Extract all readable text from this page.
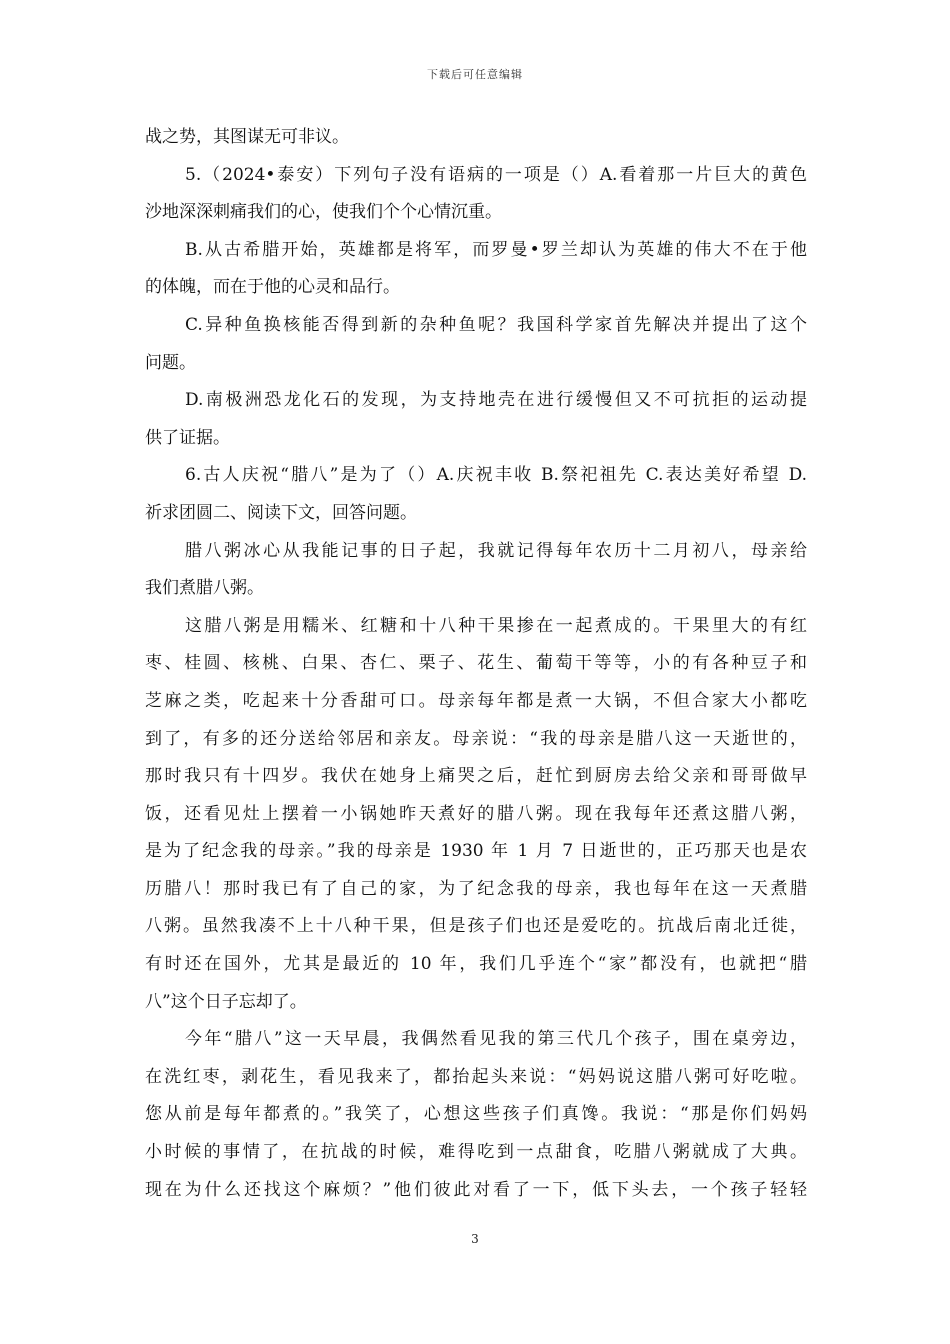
下载后可任意编辑
战之势，其图谋无可非议。
5.（2024•泰安）下列句子没有语病的一项是（）A.看着那一片巨大的黄色
沙地深深刺痛我们的心，使我们个个心情沉重。
B.从古希腊开始，英雄都是将军，而罗曼•罗兰却认为英雄的伟大不在于他
的体魄，而在于他的心灵和品行。
C.异种鱼换核能否得到新的杂种鱼呢？我国科学家首先解决并提出了这个
问题。
D.南极洲恐龙化石的发现，为支持地壳在进行缓慢但又不可抗拒的运动提
供了证据。
6.古人庆祝“腊八”是为了（）A.庆祝丰收 B.祭祀祖先 C.表达美好希望 D.
祈求团圆二、阅读下文，回答问题。
腊八粥冰心从我能记事的日子起，我就记得每年农历十二月初八，母亲给
我们煮腊八粥。
这腊八粥是用糯米、红糖和十八种干果掺在一起煮成的。干果里大的有红
枣、桂圆、核桃、白果、杏仁、栗子、花生、葡萄干等等，小的有各种豆子和
芝麻之类，吃起来十分香甜可口。母亲每年都是煮一大锅，不但合家大小都吃
到了，有多的还分送给邻居和亲友。母亲说：“我的母亲是腊八这一天逝世的，
那时我只有十四岁。我伏在她身上痛哭之后，赶忙到厨房去给父亲和哥哥做早
饭，还看见灶上摆着一小锅她昨天煮好的腊八粥。现在我每年还煮这腊八粥，
是为了纪念我的母亲。”我的母亲是 1930 年 1 月 7 日逝世的，正巧那天也是农
历腊八！那时我已有了自己的家，为了纪念我的母亲，我也每年在这一天煮腊
八粥。虽然我凑不上十八种干果，但是孩子们也还是爱吃的。抗战后南北迁徙，
有时还在国外，尤其是最近的 10 年，我们几乎连个“家”都没有，也就把“腊
八”这个日子忘却了。
今年“腊八”这一天早晨，我偶然看见我的第三代几个孩子，围在桌旁边，
在洗红枣，剥花生，看见我来了，都抬起头来说：“妈妈说这腊八粥可好吃啦。
您从前是每年都煮的。”我笑了，心想这些孩子们真馋。我说：“那是你们妈妈
小时候的事情了，在抗战的时候，难得吃到一点甜食，吃腊八粥就成了大典。
现在为什么还找这个麻烦？”他们彼此对看了一下，低下头去，一个孩子轻轻
3
